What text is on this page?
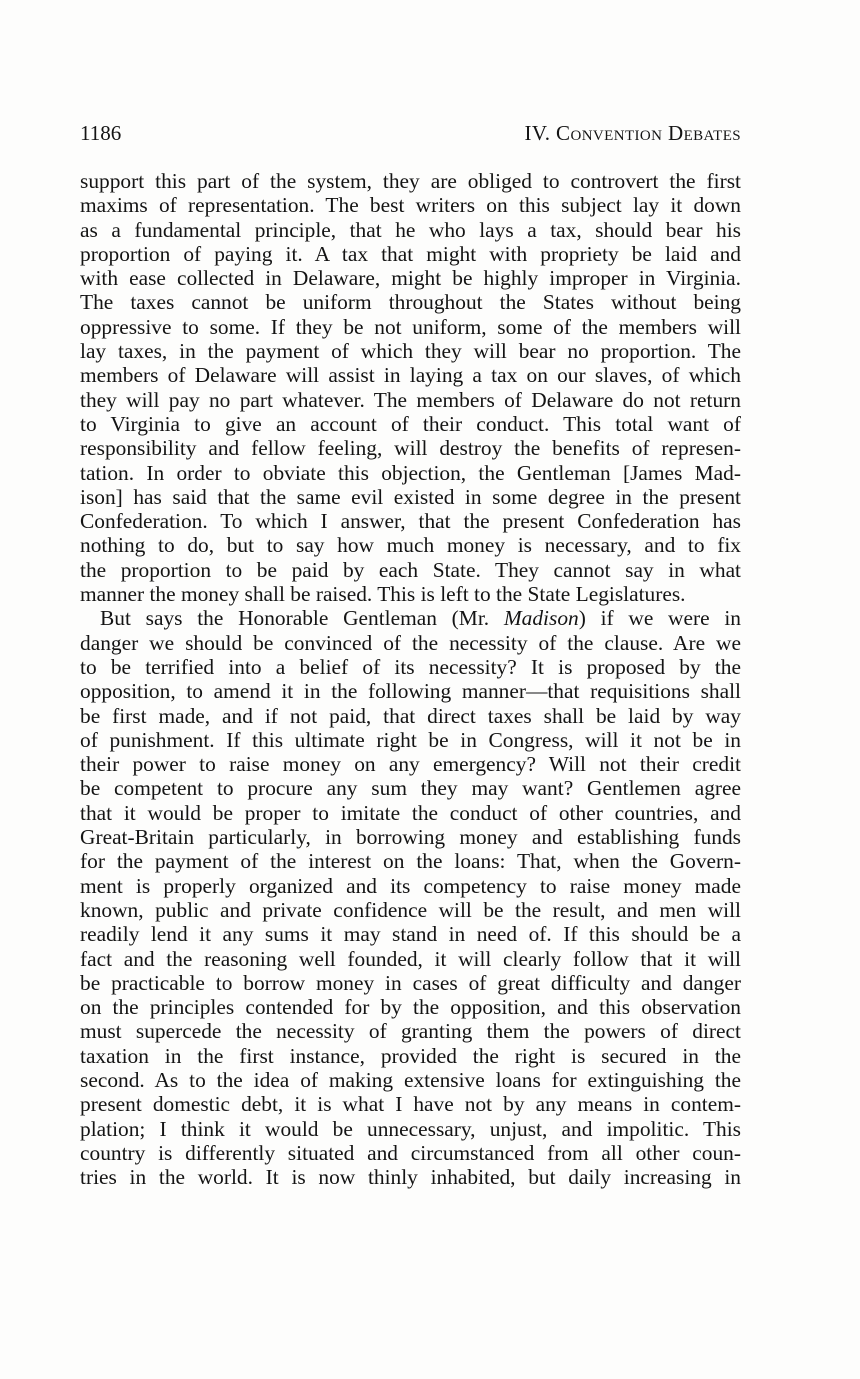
1186	IV. Convention Debates
support this part of the system, they are obliged to controvert the first
maxims of representation. The best writers on this subject lay it down
as a fundamental principle, that he who lays a tax, should bear his
proportion of paying it. A tax that might with propriety be laid and
with ease collected in Delaware, might be highly improper in Virginia.
The taxes cannot be uniform throughout the States without being
oppressive to some. If they be not uniform, some of the members will
lay taxes, in the payment of which they will bear no proportion. The
members of Delaware will assist in laying a tax on our slaves, of which
they will pay no part whatever. The members of Delaware do not return
to Virginia to give an account of their conduct. This total want of
responsibility and fellow feeling, will destroy the benefits of represen-
tation. In order to obviate this objection, the Gentleman [James Mad-
ison] has said that the same evil existed in some degree in the present
Confederation. To which I answer, that the present Confederation has
nothing to do, but to say how much money is necessary, and to fix
the proportion to be paid by each State. They cannot say in what
manner the money shall be raised. This is left to the State Legislatures.
But says the Honorable Gentleman (Mr. Madison) if we were in
danger we should be convinced of the necessity of the clause. Are we
to be terrified into a belief of its necessity? It is proposed by the
opposition, to amend it in the following manner—that requisitions shall
be first made, and if not paid, that direct taxes shall be laid by way
of punishment. If this ultimate right be in Congress, will it not be in
their power to raise money on any emergency? Will not their credit
be competent to procure any sum they may want? Gentlemen agree
that it would be proper to imitate the conduct of other countries, and
Great-Britain particularly, in borrowing money and establishing funds
for the payment of the interest on the loans: That, when the Govern-
ment is properly organized and its competency to raise money made
known, public and private confidence will be the result, and men will
readily lend it any sums it may stand in need of. If this should be a
fact and the reasoning well founded, it will clearly follow that it will
be practicable to borrow money in cases of great difficulty and danger
on the principles contended for by the opposition, and this observation
must supercede the necessity of granting them the powers of direct
taxation in the first instance, provided the right is secured in the
second. As to the idea of making extensive loans for extinguishing the
present domestic debt, it is what I have not by any means in contem-
plation; I think it would be unnecessary, unjust, and impolitic. This
country is differently situated and circumstanced from all other coun-
tries in the world. It is now thinly inhabited, but daily increasing in
